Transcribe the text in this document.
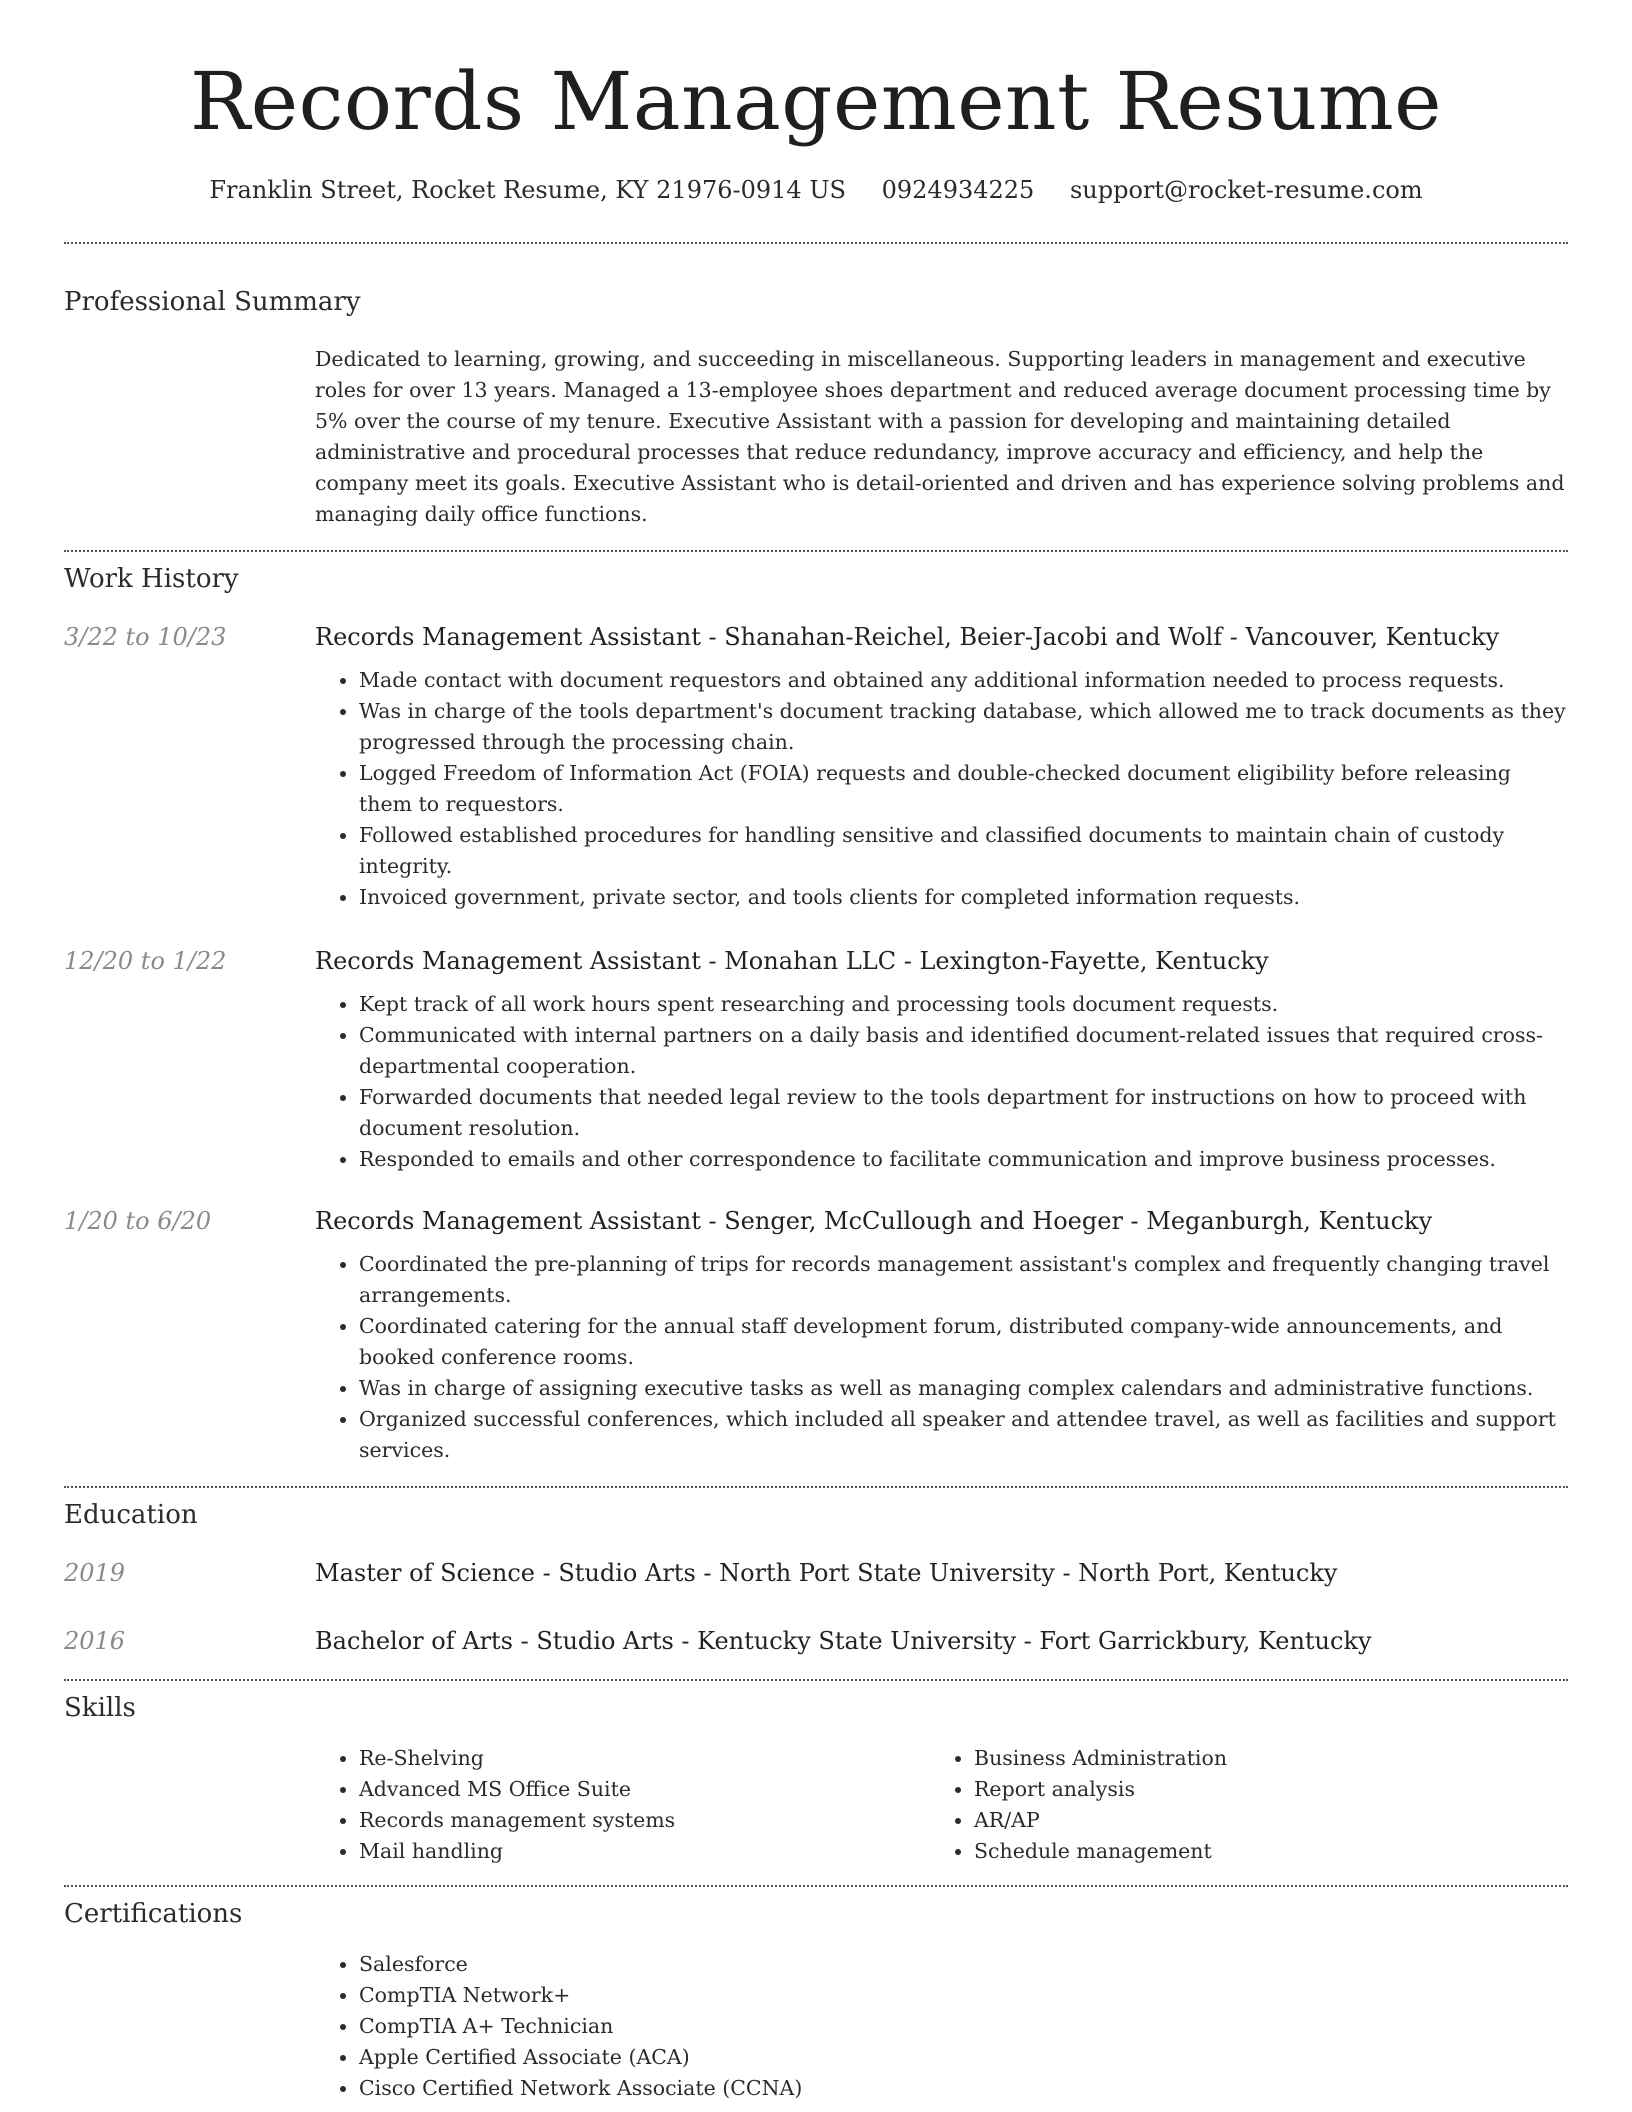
Records Management Resume
Franklin Street, Rocket Resume, KY 21976-0914 US 0924934225 support@rocket-resume.com
Professional Summary
Dedicated to learning, growing, and succeeding in miscellaneous. Supporting leaders in management and executive roles for over 13 years. Managed a 13-employee shoes department and reduced average document processing time by 5% over the course of my tenure. Executive Assistant with a passion for developing and maintaining detailed administrative and procedural processes that reduce redundancy, improve accuracy and efficiency, and help the company meet its goals. Executive Assistant who is detail-oriented and driven and has experience solving problems and managing daily office functions.
Work History
3/22 to 10/23	Records Management Assistant - Shanahan-Reichel, Beier-Jacobi and Wolf - Vancouver, Kentucky
• Made contact with document requestors and obtained any additional information needed to process requests.
• Was in charge of the tools department's document tracking database, which allowed me to track documents as they progressed through the processing chain.
• Logged Freedom of Information Act (FOIA) requests and double-checked document eligibility before releasing them to requestors.
• Followed established procedures for handling sensitive and classified documents to maintain chain of custody integrity.
• Invoiced government, private sector, and tools clients for completed information requests.
12/20 to 1/22	Records Management Assistant - Monahan LLC - Lexington-Fayette, Kentucky
• Kept track of all work hours spent researching and processing tools document requests.
• Communicated with internal partners on a daily basis and identified document-related issues that required cross-departmental cooperation.
• Forwarded documents that needed legal review to the tools department for instructions on how to proceed with document resolution.
• Responded to emails and other correspondence to facilitate communication and improve business processes.
1/20 to 6/20	Records Management Assistant - Senger, McCullough and Hoeger - Meganburgh, Kentucky
• Coordinated the pre-planning of trips for records management assistant's complex and frequently changing travel arrangements.
• Coordinated catering for the annual staff development forum, distributed company-wide announcements, and booked conference rooms.
• Was in charge of assigning executive tasks as well as managing complex calendars and administrative functions.
• Organized successful conferences, which included all speaker and attendee travel, as well as facilities and support services.
Education
2019	Master of Science - Studio Arts - North Port State University - North Port, Kentucky
2016	Bachelor of Arts - Studio Arts - Kentucky State University - Fort Garrickbury, Kentucky
Skills
• Re-Shelving
• Advanced MS Office Suite
• Records management systems
• Mail handling
• Business Administration
• Report analysis
• AR/AP
• Schedule management
Certifications
• Salesforce
• CompTIA Network+
• CompTIA A+ Technician
• Apple Certified Associate (ACA)
• Cisco Certified Network Associate (CCNA)
